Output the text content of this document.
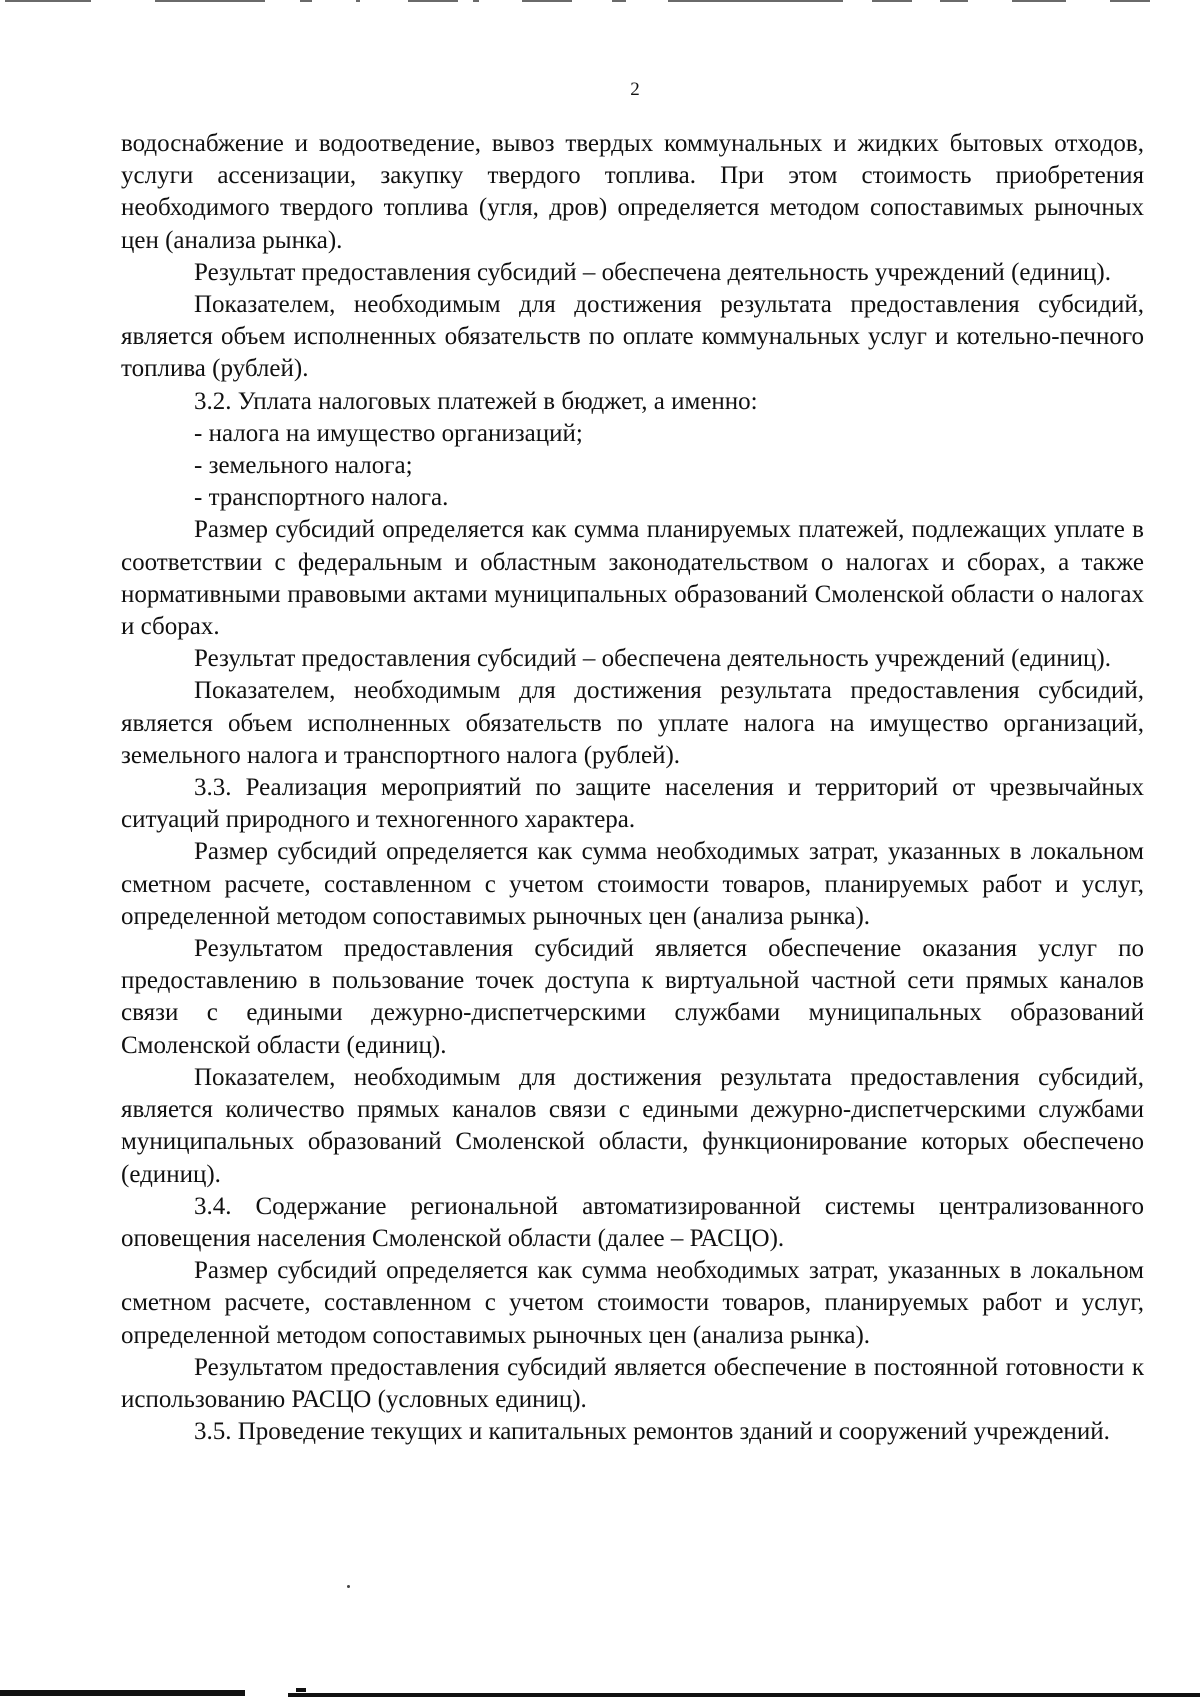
2

водоснабжение и водоотведение, вывоз твердых коммунальных и жидких бытовых отходов, услуги ассенизации, закупку твердого топлива. При этом стоимость приобретения необходимого твердого топлива (угля, дров) определяется методом сопоставимых рыночных цен (анализа рынка).

Результат предоставления субсидий – обеспечена деятельность учреждений (единиц).

Показателем, необходимым для достижения результата предоставления субсидий, является объем исполненных обязательств по оплате коммунальных услуг и котельно-печного топлива (рублей).

3.2. Уплата налоговых платежей в бюджет, а именно:

- налога на имущество организаций;

- земельного налога;

- транспортного налога.

Размер субсидий определяется как сумма планируемых платежей, подлежащих уплате в соответствии с федеральным и областным законодательством о налогах и сборах, а также нормативными правовыми актами муниципальных образований Смоленской области о налогах и сборах.

Результат предоставления субсидий – обеспечена деятельность учреждений (единиц).

Показателем, необходимым для достижения результата предоставления субсидий, является объем исполненных обязательств по уплате налога на имущество организаций, земельного налога и транспортного налога (рублей).

3.3. Реализация мероприятий по защите населения и территорий от чрезвычайных ситуаций природного и техногенного характера.

Размер субсидий определяется как сумма необходимых затрат, указанных в локальном сметном расчете, составленном с учетом стоимости товаров, планируемых работ и услуг, определенной методом сопоставимых рыночных цен (анализа рынка).

Результатом предоставления субсидий является обеспечение оказания услуг по предоставлению в пользование точек доступа к виртуальной частной сети прямых каналов связи с едиными дежурно-диспетчерскими службами муниципальных образований Смоленской области (единиц).

Показателем, необходимым для достижения результата предоставления субсидий, является количество прямых каналов связи с едиными дежурно-диспетчерскими службами муниципальных образований Смоленской области, функционирование которых обеспечено (единиц).

3.4. Содержание региональной автоматизированной системы централизованного оповещения населения Смоленской области (далее – РАСЦО).

Размер субсидий определяется как сумма необходимых затрат, указанных в локальном сметном расчете, составленном с учетом стоимости товаров, планируемых работ и услуг, определенной методом сопоставимых рыночных цен (анализа рынка).

Результатом предоставления субсидий является обеспечение в постоянной готовности к использованию РАСЦО (условных единиц).

3.5. Проведение текущих и капитальных ремонтов зданий и сооружений учреждений.
